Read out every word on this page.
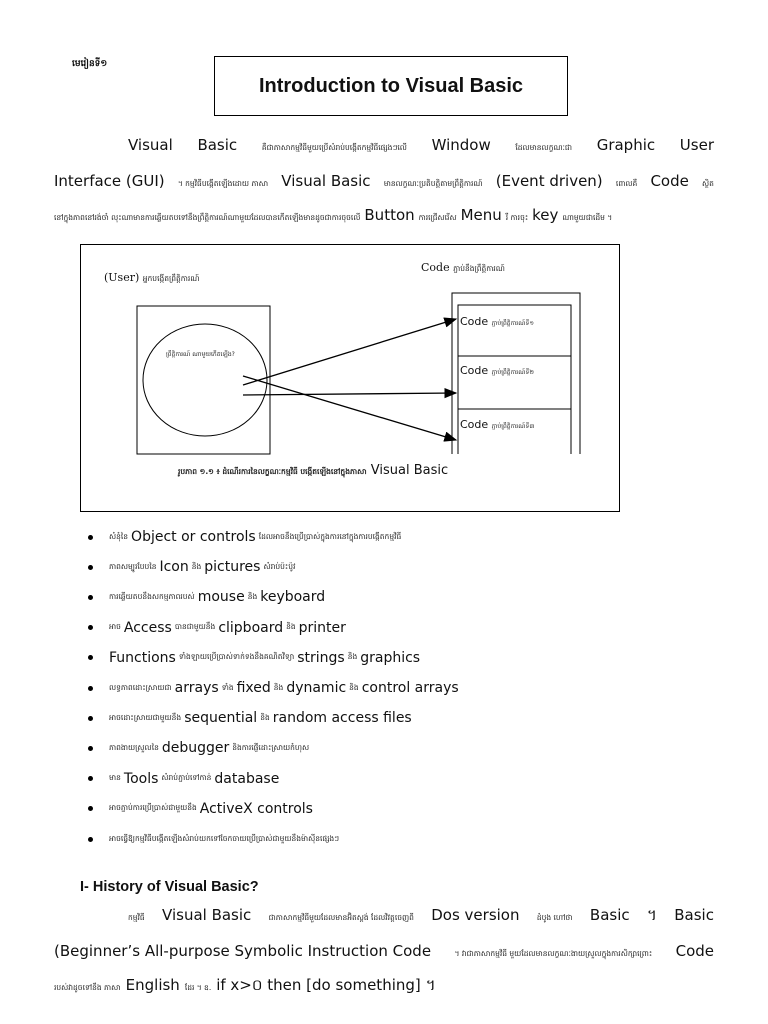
មេរៀនទី១
Introduction to Visual Basic
Visual Basic	គឺជាភាសាកម្មវិធីមួយប្រើសំរាប់បង្កើតកម្មវិធីផ្សេងៗលើ Window	ដែលមានលក្ខណៈជា Graphic User
Interface (GUI) ។ កម្មវិធីបង្កើតឡើងដោយ ភាសា Visual Basic មានលក្ខណៈប្រតិបត្តិតាមព្រឹត្តិការណ៍ (Event driven) ពោលគឺ Code ស្ថិត
នៅក្នុងភាពនៅរង់ចាំ លុះណាមានការឆ្លើយតបទៅនឹងព្រឹត្តិការណ៍ណាមួយដែលបានកើតឡើងមានដូចជាការចុចលើ Button ការជ្រើសរើស Menu រឺ ការចុះ key ណាមួយជាដើម ។
(User) អ្នកបង្កើតព្រឹត្តិការណ៍
Code ភ្ជាប់នឹងព្រឹត្តិការណ៍
ព្រឹត្តិការណ៍ ណាមួយកើតឡើង?
Code ភ្ជាប់ព្រឹត្តិការណ៍ទី១
Code ភ្ជាប់ព្រឹត្តិការណ៍ទី២
Code ភ្ជាប់ព្រឹត្តិការណ៍ទី៣
រូបភាព ១.១ ៖ ដំណើរការនៃលក្ខណៈកម្មវិធី បង្កើតឡើងនៅក្នុងភាសា Visual Basic
សំនុំនៃ Object or controls ដែលអាចនឹងប្រើប្រាស់ក្នុងការនៅក្នុងការបង្កើតកម្មវិធី
ភាពសម្បូរបែបនៃ Icon និង pictures សំរាប់ប៉ះប៉ូវ
ការឆ្លើយតបនឹងសកម្មភាពរបស់ mouse និង keyboard
អាច Access បានជាមួយនឹង clipboard និង printer
Functions ទាំងឡាយប្រើប្រាស់ទាក់ទងនឹងគណិតវិទ្យា strings និង graphics
លទ្ធភាពដោះស្រាយជា arrays ទាំង fixed និង dynamic និង control arrays
អាចដោះស្រាយជាមួយនឹង sequential និង random access files
ភាពងាយស្រួលនៃ debugger និងការផ្ញើដោះស្រាយកំហុស
មាន Tools សំរាប់ភ្ជាប់ទៅកាន់ database
អាចភ្ជាប់ការប្រើប្រាស់ជាមួយនឹង ActiveX controls
អាចធ្វើឱ្យកម្មវិធីបង្កើតឡើងសំរាប់យកទៅចែកចាយប្រើប្រាស់ជាមួយនឹងម៉ាស៊ីនផ្សេងៗ
I- History of Visual Basic?
កម្មវិធី Visual Basic ជាភាសាកម្មវិធីមួយដែលមានអ៊ិតស្តង់ ដែលវិវត្តចេញពី Dos version ដំបូង ហៅថា Basic ។ Basic
(Beginner’s All-purpose Symbolic Instruction Code	។ វាជាភាសាកម្មវិធី មួយដែលមានលក្ខណៈងាយស្រួលក្នុងការសិក្សាព្រោះ Code
របស់វាដូចទៅនឹង ភាសា English ដែរ ។ ឧ. if x>០ then [do something] ។
